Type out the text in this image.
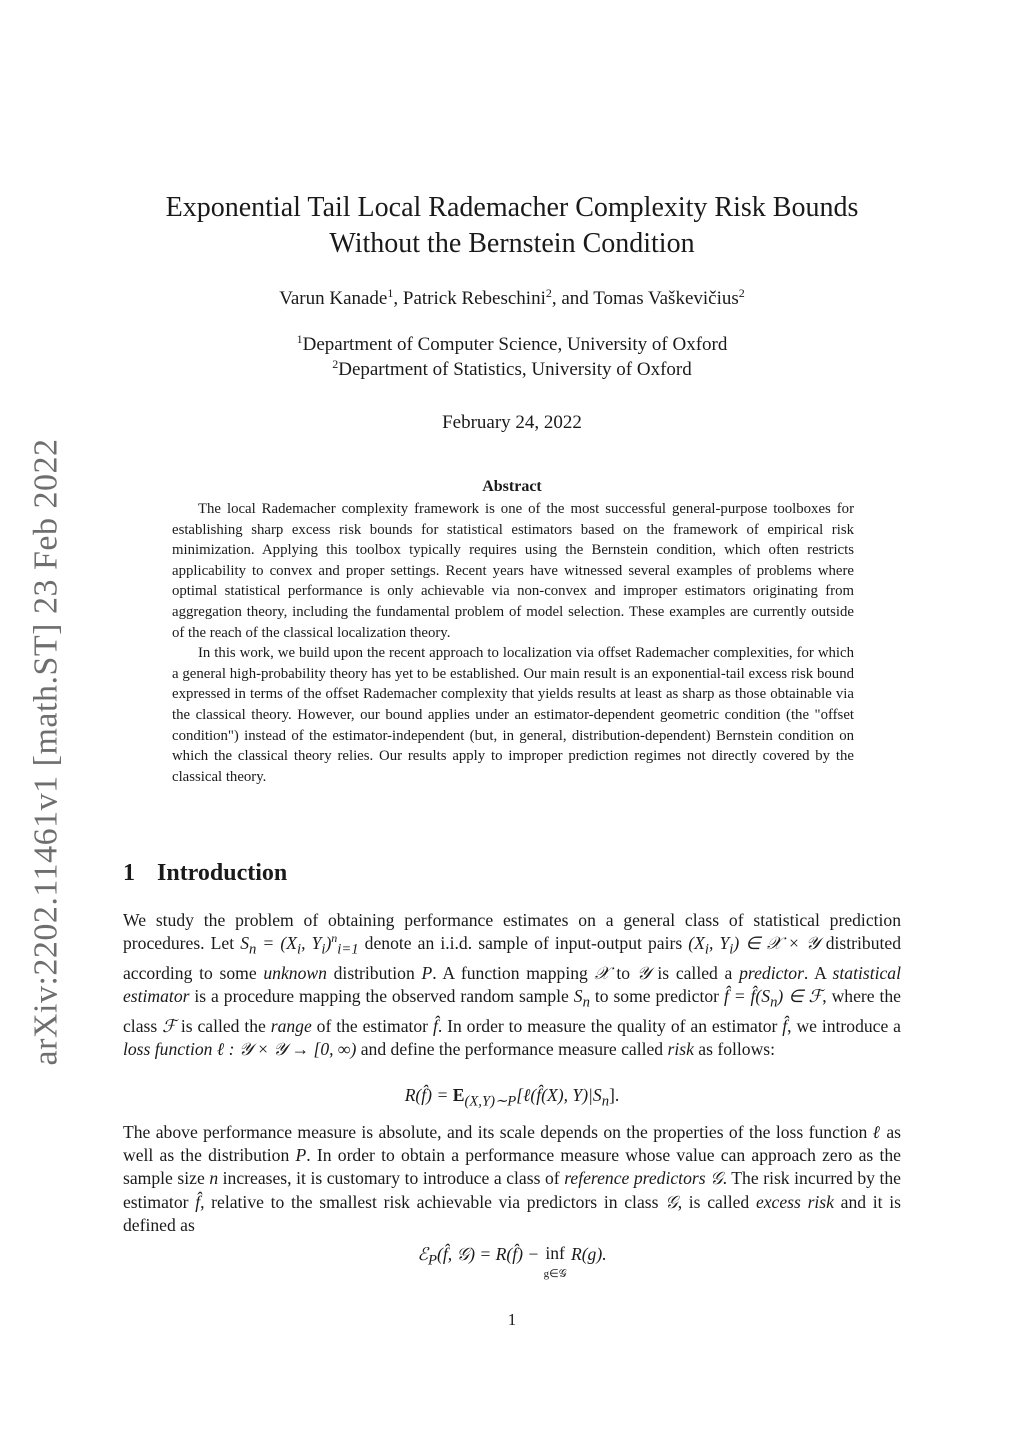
arXiv:2202.11461v1 [math.ST] 23 Feb 2022
Exponential Tail Local Rademacher Complexity Risk Bounds
Without the Bernstein Condition
Varun Kanade$^1$, Patrick Rebeschini$^2$, and Tomas Vaškevičius$^2$
$^1$Department of Computer Science, University of Oxford
$^2$Department of Statistics, University of Oxford
February 24, 2022
Abstract

The local Rademacher complexity framework is one of the most successful general-purpose toolboxes for establishing sharp excess risk bounds for statistical estimators based on the framework of empirical risk minimization. Applying this toolbox typically requires using the Bernstein condition, which often restricts applicability to convex and proper settings. Recent years have witnessed several examples of problems where optimal statistical performance is only achievable via non-convex and improper estimators originating from aggregation theory, including the fundamental problem of model selection. These examples are currently outside of the reach of the classical localization theory.

In this work, we build upon the recent approach to localization via offset Rademacher complexities, for which a general high-probability theory has yet to be established. Our main result is an exponential-tail excess risk bound expressed in terms of the offset Rademacher complexity that yields results at least as sharp as those obtainable via the classical theory. However, our bound applies under an estimator-dependent geometric condition (the "offset condition") instead of the estimator-independent (but, in general, distribution-dependent) Bernstein condition on which the classical theory relies. Our results apply to improper prediction regimes not directly covered by the classical theory.

1 Introduction

We study the problem of obtaining performance estimates on a general class of statistical prediction procedures. Let $S_n = (X_i$, $Y_i)^n_{i=1}$ denote an i.i.d. sample of input-output pairs ($X_i$, $Y_i$) ∈ 𝒳 × 𝒴 distributed according to some unknown distribution P. A function mapping 𝒳 to 𝒴 is called a predictor. A statistical estimator is a procedure mapping the observed random sample $S_n$ to some predictor f̂ = $f̂(S_n)$ ∈ ℱ, where the class ℱ is called the range of the estimator f̂. In order to measure the quality of an estimator f̂, we introduce a loss function ℓ : 𝒴 × 𝒴 → [0, ∞) and define the performance measure called risk as follows:

R(f̂) = $E_{(X,Y)\sim P}[\ell(f̂(X)$, $Y)|S_n$].

The above performance measure is absolute, and its scale depends on the properties of the loss function ℓ as well as the distribution P. In order to obtain a performance measure whose value can approach zero as the sample size n increases, it is customary to introduce a class of reference predictors 𝒢. The risk incurred by the estimator f̂, relative to the smallest risk achievable via predictors in class 𝒢, is called excess risk and it is defined as

ℰ$_P$(f̂, 𝒢) = R(f̂) − inf
g∈𝒢 R(g).
1
